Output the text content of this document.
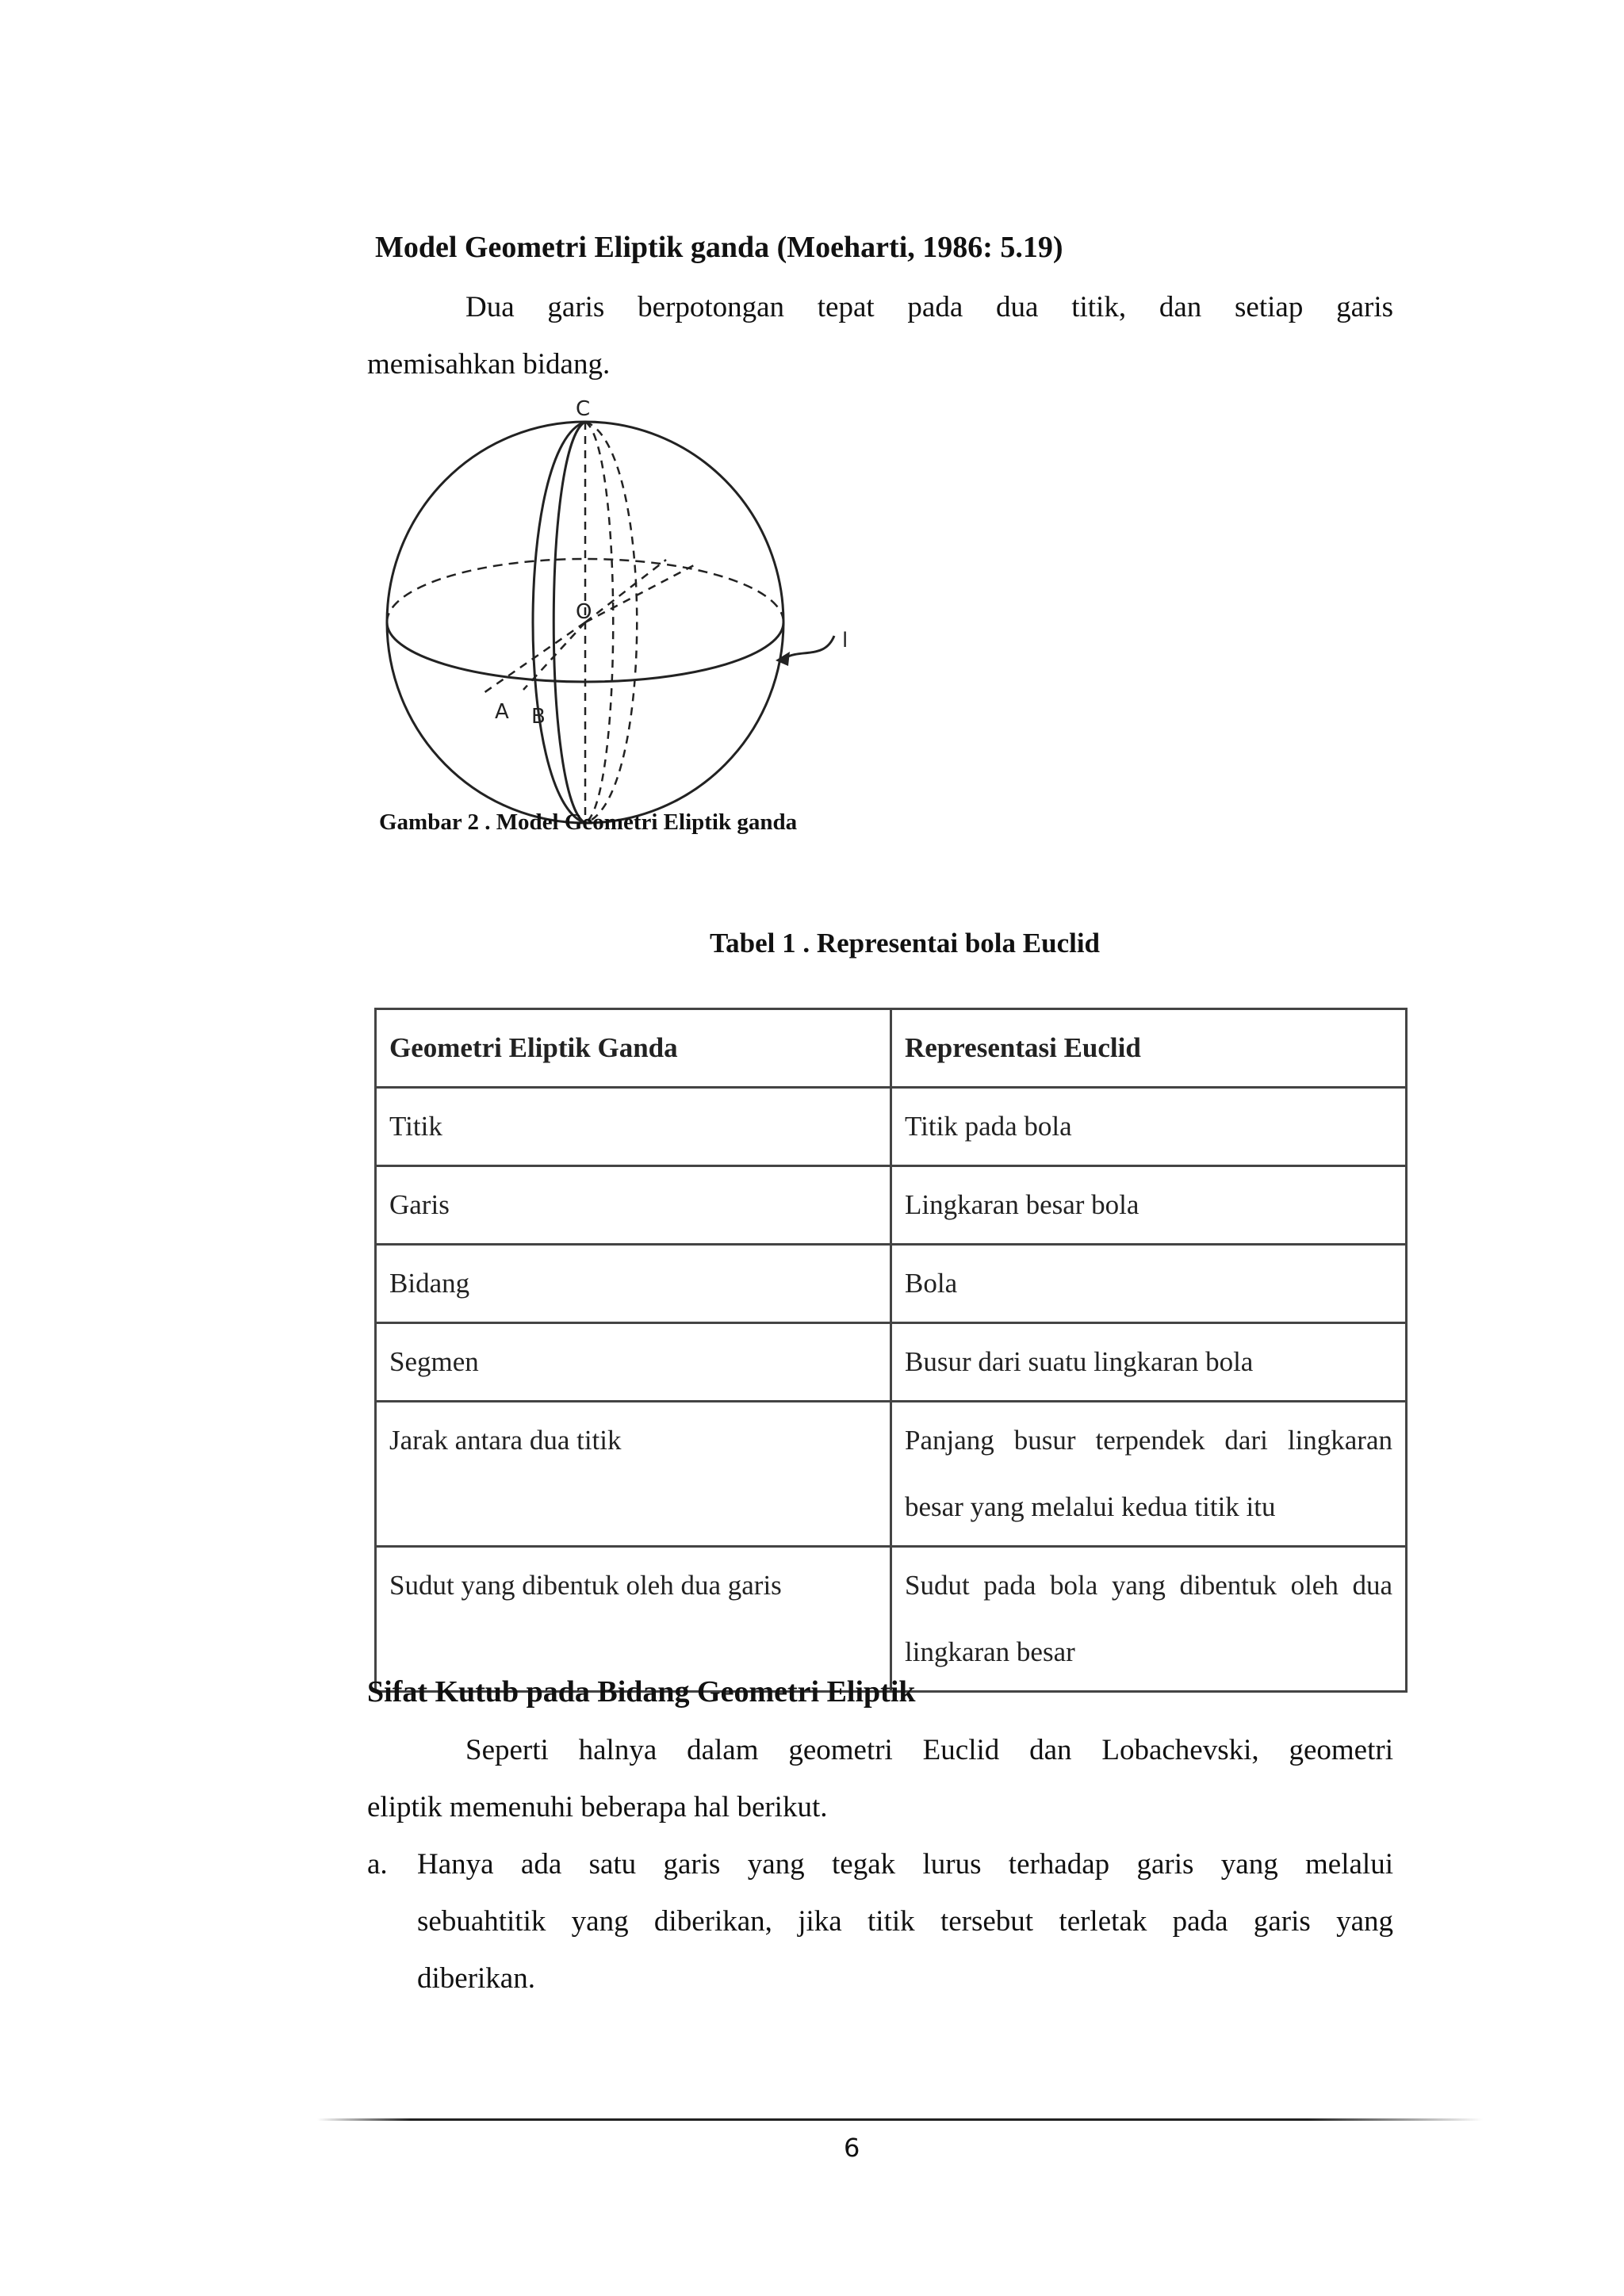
Model Geometri Eliptik ganda (Moeharti, 1986: 5.19)
Dua garis berpotongan tepat pada dua titik, dan setiap garis
memisahkan bidang.
C
O
A B
l
Gambar 2 . Model Geometri Eliptik ganda
Tabel 1 . Representai bola Euclid
Geometri Eliptik Ganda	Representasi Euclid
Titik	Titik pada bola

Garis	Lingkaran besar bola

Bidang	Bola

Segmen	Busur dari suatu lingkaran bola

Jarak antara dua titik	Panjang busur terpendek dari lingkaran
besar yang melalui kedua titik itu

Sudut yang dibentuk oleh dua garis	Sudut pada bola yang dibentuk oleh dua
lingkaran besar
Sifat Kutub pada Bidang Geometri Eliptik
Seperti halnya dalam geometri Euclid dan Lobachevski, geometri
eliptik memenuhi beberapa hal berikut.
a. Hanya ada satu garis yang tegak lurus terhadap garis yang melalui
sebuahtitik yang diberikan, jika titik tersebut terletak pada garis yang
diberikan.
6
